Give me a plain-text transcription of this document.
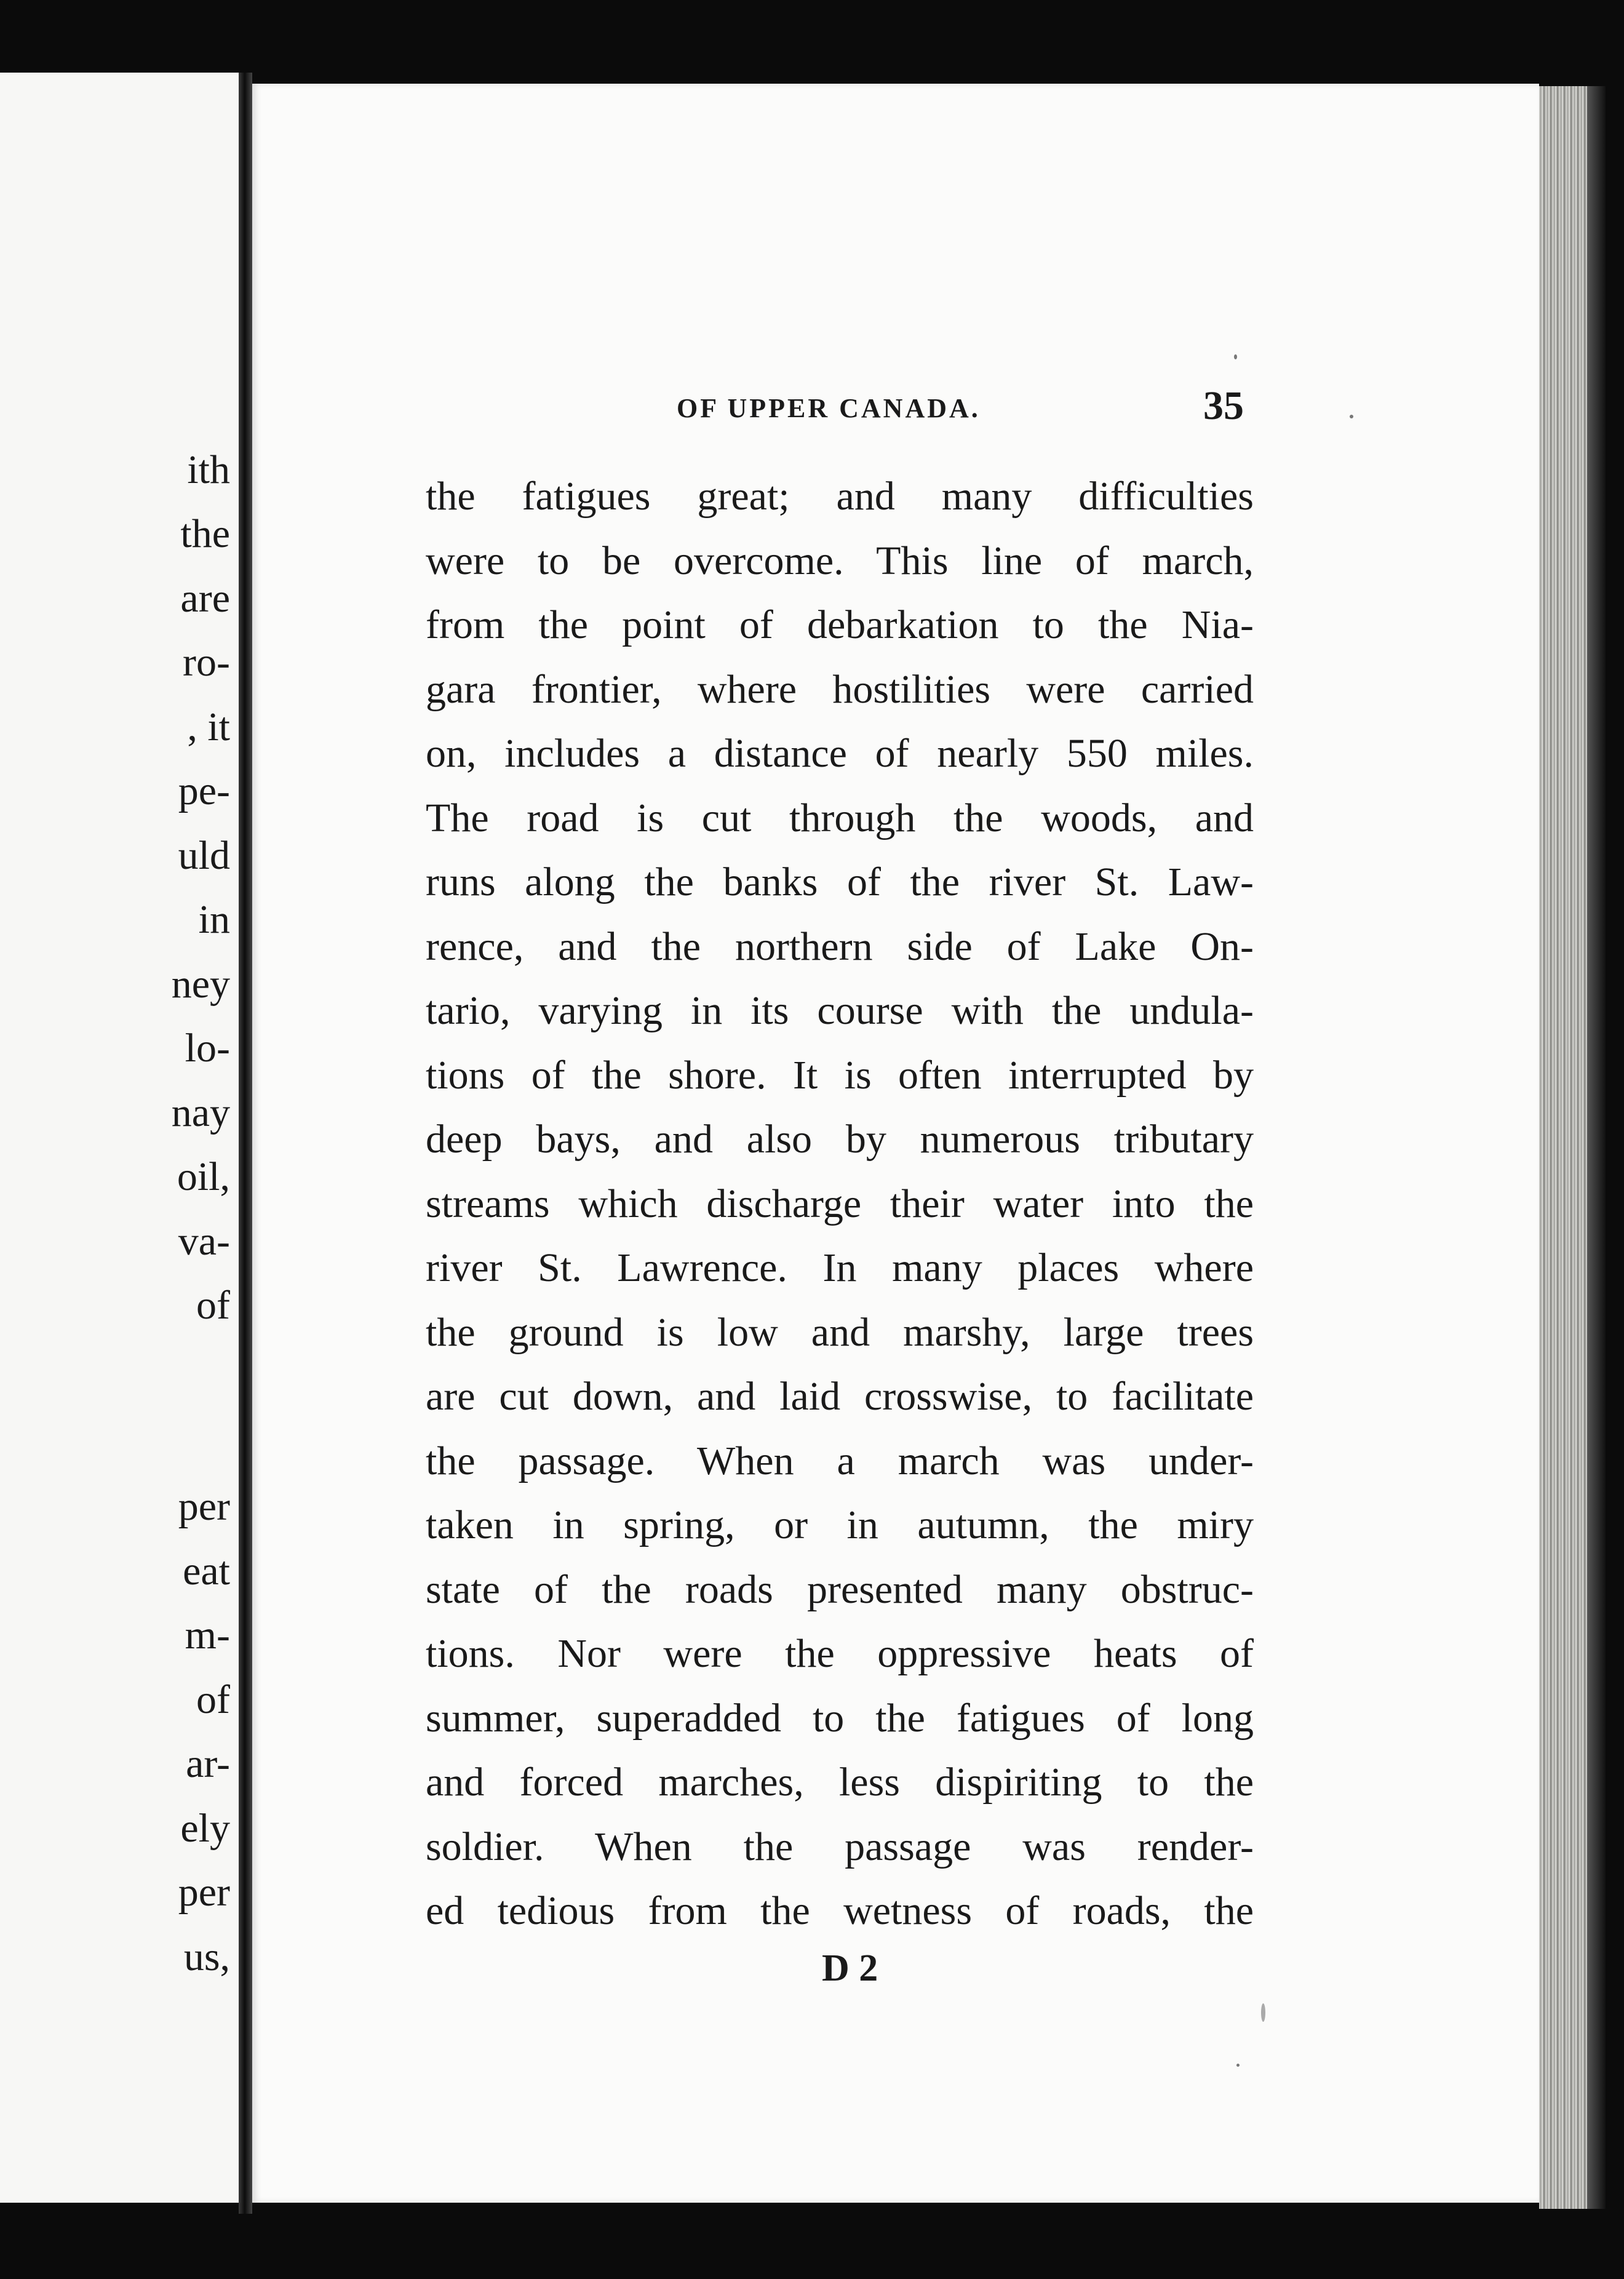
ith
the
are
ro-
, it
pe-
uld
in
ney
lo-
nay
oil,
va-
of
per
eat
m-
of
ar-
ely
per
us,
OF UPPER CANADA.	35
the fatigues great; and many difficulties
were to be overcome. This line of march,
from the point of debarkation to the Nia-
gara frontier, where hostilities were carried
on, includes a distance of nearly 550 miles.
The road is cut through the woods, and
runs along the banks of the river St. Law-
rence, and the northern side of Lake On-
tario, varying in its course with the undula-
tions of the shore. It is often interrupted by
deep bays, and also by numerous tributary
streams which discharge their water into the
river St. Lawrence. In many places where
the ground is low and marshy, large trees
are cut down, and laid crosswise, to facilitate
the passage. When a march was under-
taken in spring, or in autumn, the miry
state of the roads presented many obstruc-
tions. Nor were the oppressive heats of
summer, superadded to the fatigues of long
and forced marches, less dispiriting to the
soldier. When the passage was render-
ed tedious from the wetness of roads, the
D 2
